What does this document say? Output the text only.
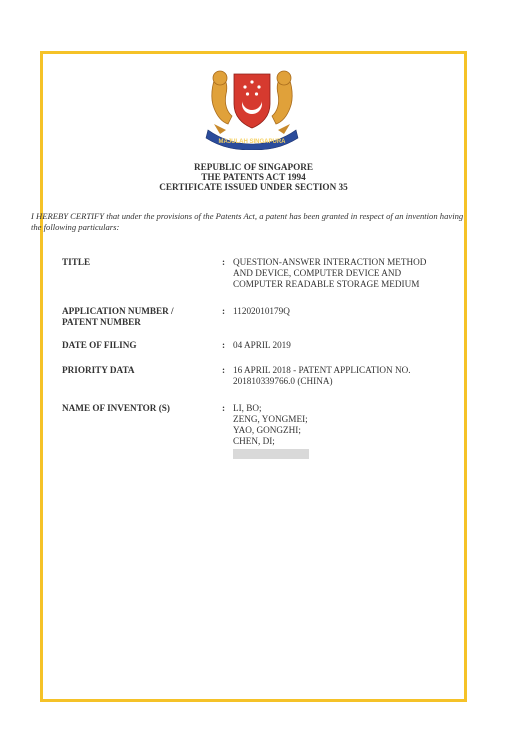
MAJULAH SINGAPURA
REPUBLIC OF SINGAPORE
THE PATENTS ACT 1994
CERTIFICATE ISSUED UNDER SECTION 35
I HEREBY CERTIFY that under the provisions of the Patents Act, a patent has been granted in respect of an invention having the following particulars:
TITLE	: QUESTION-ANSWER INTERACTION METHOD
AND DEVICE, COMPUTER DEVICE AND
COMPUTER READABLE STORAGE MEDIUM
APPLICATION NUMBER /
PATENT NUMBER
: 11202010179Q
DATE OF FILING	: 04 APRIL 2019
PRIORITY DATA	: 16 APRIL 2018 - PATENT APPLICATION NO.
201810339766.0 (CHINA)
NAME OF INVENTOR (S)	: LI, BO;
ZENG, YONGMEI;
YAO, GONGZHI;
CHEN, DI;
